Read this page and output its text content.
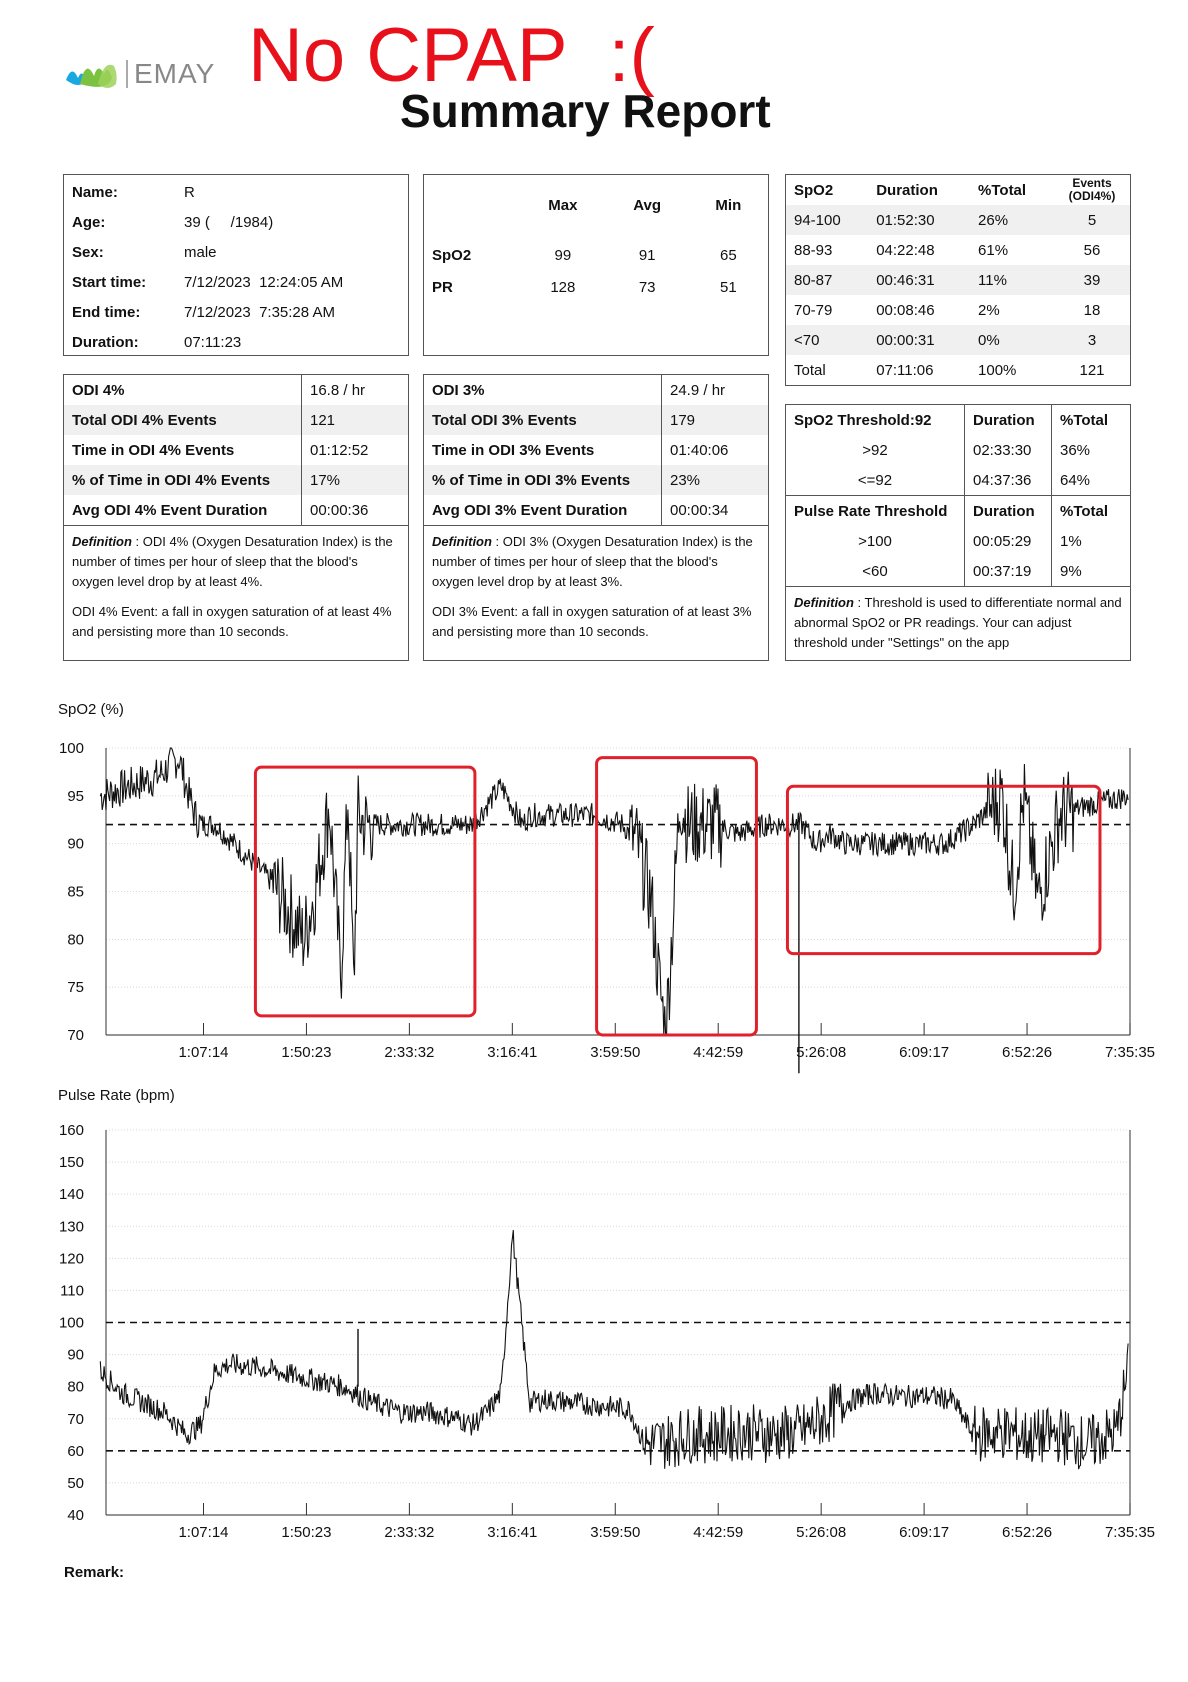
EMAY No CPAP  :(
Summary Report
Name:	R
Age:	39 (     /1984)
Sex:	male
Start time:	7/12/2023  12:24:05 AM
End time:	7/12/2023  7:35:28 AM
Duration:	07:11:23
	Max	Avg	Min
SpO2	99	91	65
PR	128	73	51
SpO2	Duration	%Total	Events (ODI4%)
94-100	01:52:30	26%	5
88-93	04:22:48	61%	56
80-87	00:46:31	11%	39
70-79	00:08:46	2%	18
<70	00:00:31	0%	3
Total	07:11:06	100%	121
ODI 4%	16.8 / hr
Total ODI 4% Events	121
Time in ODI 4% Events	01:12:52
% of Time in ODI 4% Events	17%
Avg ODI 4% Event Duration	00:00:36

Definition : ODI 4% (Oxygen Desaturation Index) is the number of times per hour of sleep that the blood's oxygen level drop by at least 4%.

ODI 4% Event: a fall in oxygen saturation of at least 4% and persisting more than 10 seconds.

ODI 3%	24.9 / hr
Total ODI 3% Events	179
Time in ODI 3% Events	01:40:06
% of Time in ODI 3% Events	23%
Avg ODI 3% Event Duration	00:00:34

Definition : ODI 3% (Oxygen Desaturation Index) is the number of times per hour of sleep that the blood's oxygen level drop by at least 3%.

ODI 3% Event: a fall in oxygen saturation of at least 3% and persisting more than 10 seconds.

SpO2 Threshold:92	Duration	%Total
>92	02:33:30	36%
<=92	04:37:36	64%
Pulse Rate Threshold	Duration	%Total
>100	00:05:29	1%
<60	00:37:19	9%

Definition : Threshold is used to differentiate normal and abnormal SpO2 or PR readings. Your can adjust threshold under "Settings" on the app

SpO2 (%)
100
95
90
85
80
75
70
1:07:14	1:50:23	2:33:32	3:16:41	3:59:50	4:42:59	5:26:08	6:09:17	6:52:26	7:35:35
Pulse Rate (bpm)
160
150
140
130
120
110
100
90
80
70
60
50
40
1:07:14	1:50:23	2:33:32	3:16:41	3:59:50	4:42:59	5:26:08	6:09:17	6:52:26	7:35:35
Remark:
